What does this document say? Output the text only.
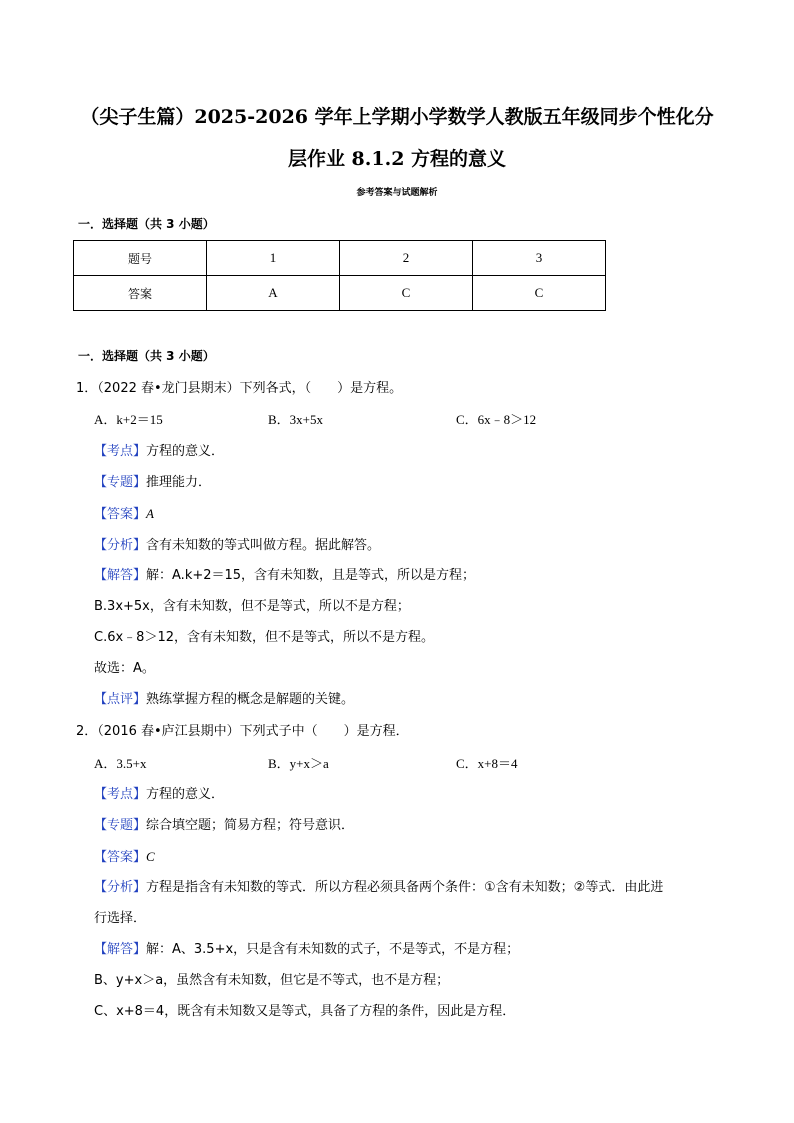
（尖子生篇）2025-2026 学年上学期小学数学人教版五年级同步个性化分
层作业 8.1.2 方程的意义
参考答案与试题解析
一．选择题（共 3 小题）
题号	1	2	3
答案	A	C	C
一．选择题（共 3 小题）
1．（2022 春•龙门县期末）下列各式，（　　）是方程。
A．k+2＝15	B．3x+5x	C．6x﹣8＞12
【考点】方程的意义．
【专题】推理能力．
【答案】A
【分析】含有未知数的等式叫做方程。据此解答。
【解答】解：A.k+2＝15，含有未知数，且是等式，所以是方程；
B.3x+5x，含有未知数，但不是等式，所以不是方程；
C.6x﹣8＞12，含有未知数，但不是等式，所以不是方程。
故选：A。
【点评】熟练掌握方程的概念是解题的关键。
2．（2016 春•庐江县期中）下列式子中（　　）是方程．
A．3.5+x	B．y+x＞a	C．x+8＝4
【考点】方程的意义．
【专题】综合填空题；简易方程；符号意识．
【答案】C
【分析】方程是指含有未知数的等式．所以方程必须具备两个条件：①含有未知数；②等式．由此进
行选择．
【解答】解：A、3.5+x，只是含有未知数的式子，不是等式，不是方程；
B、y+x＞a，虽然含有未知数，但它是不等式，也不是方程；
C、x+8＝4，既含有未知数又是等式，具备了方程的条件，因此是方程．
